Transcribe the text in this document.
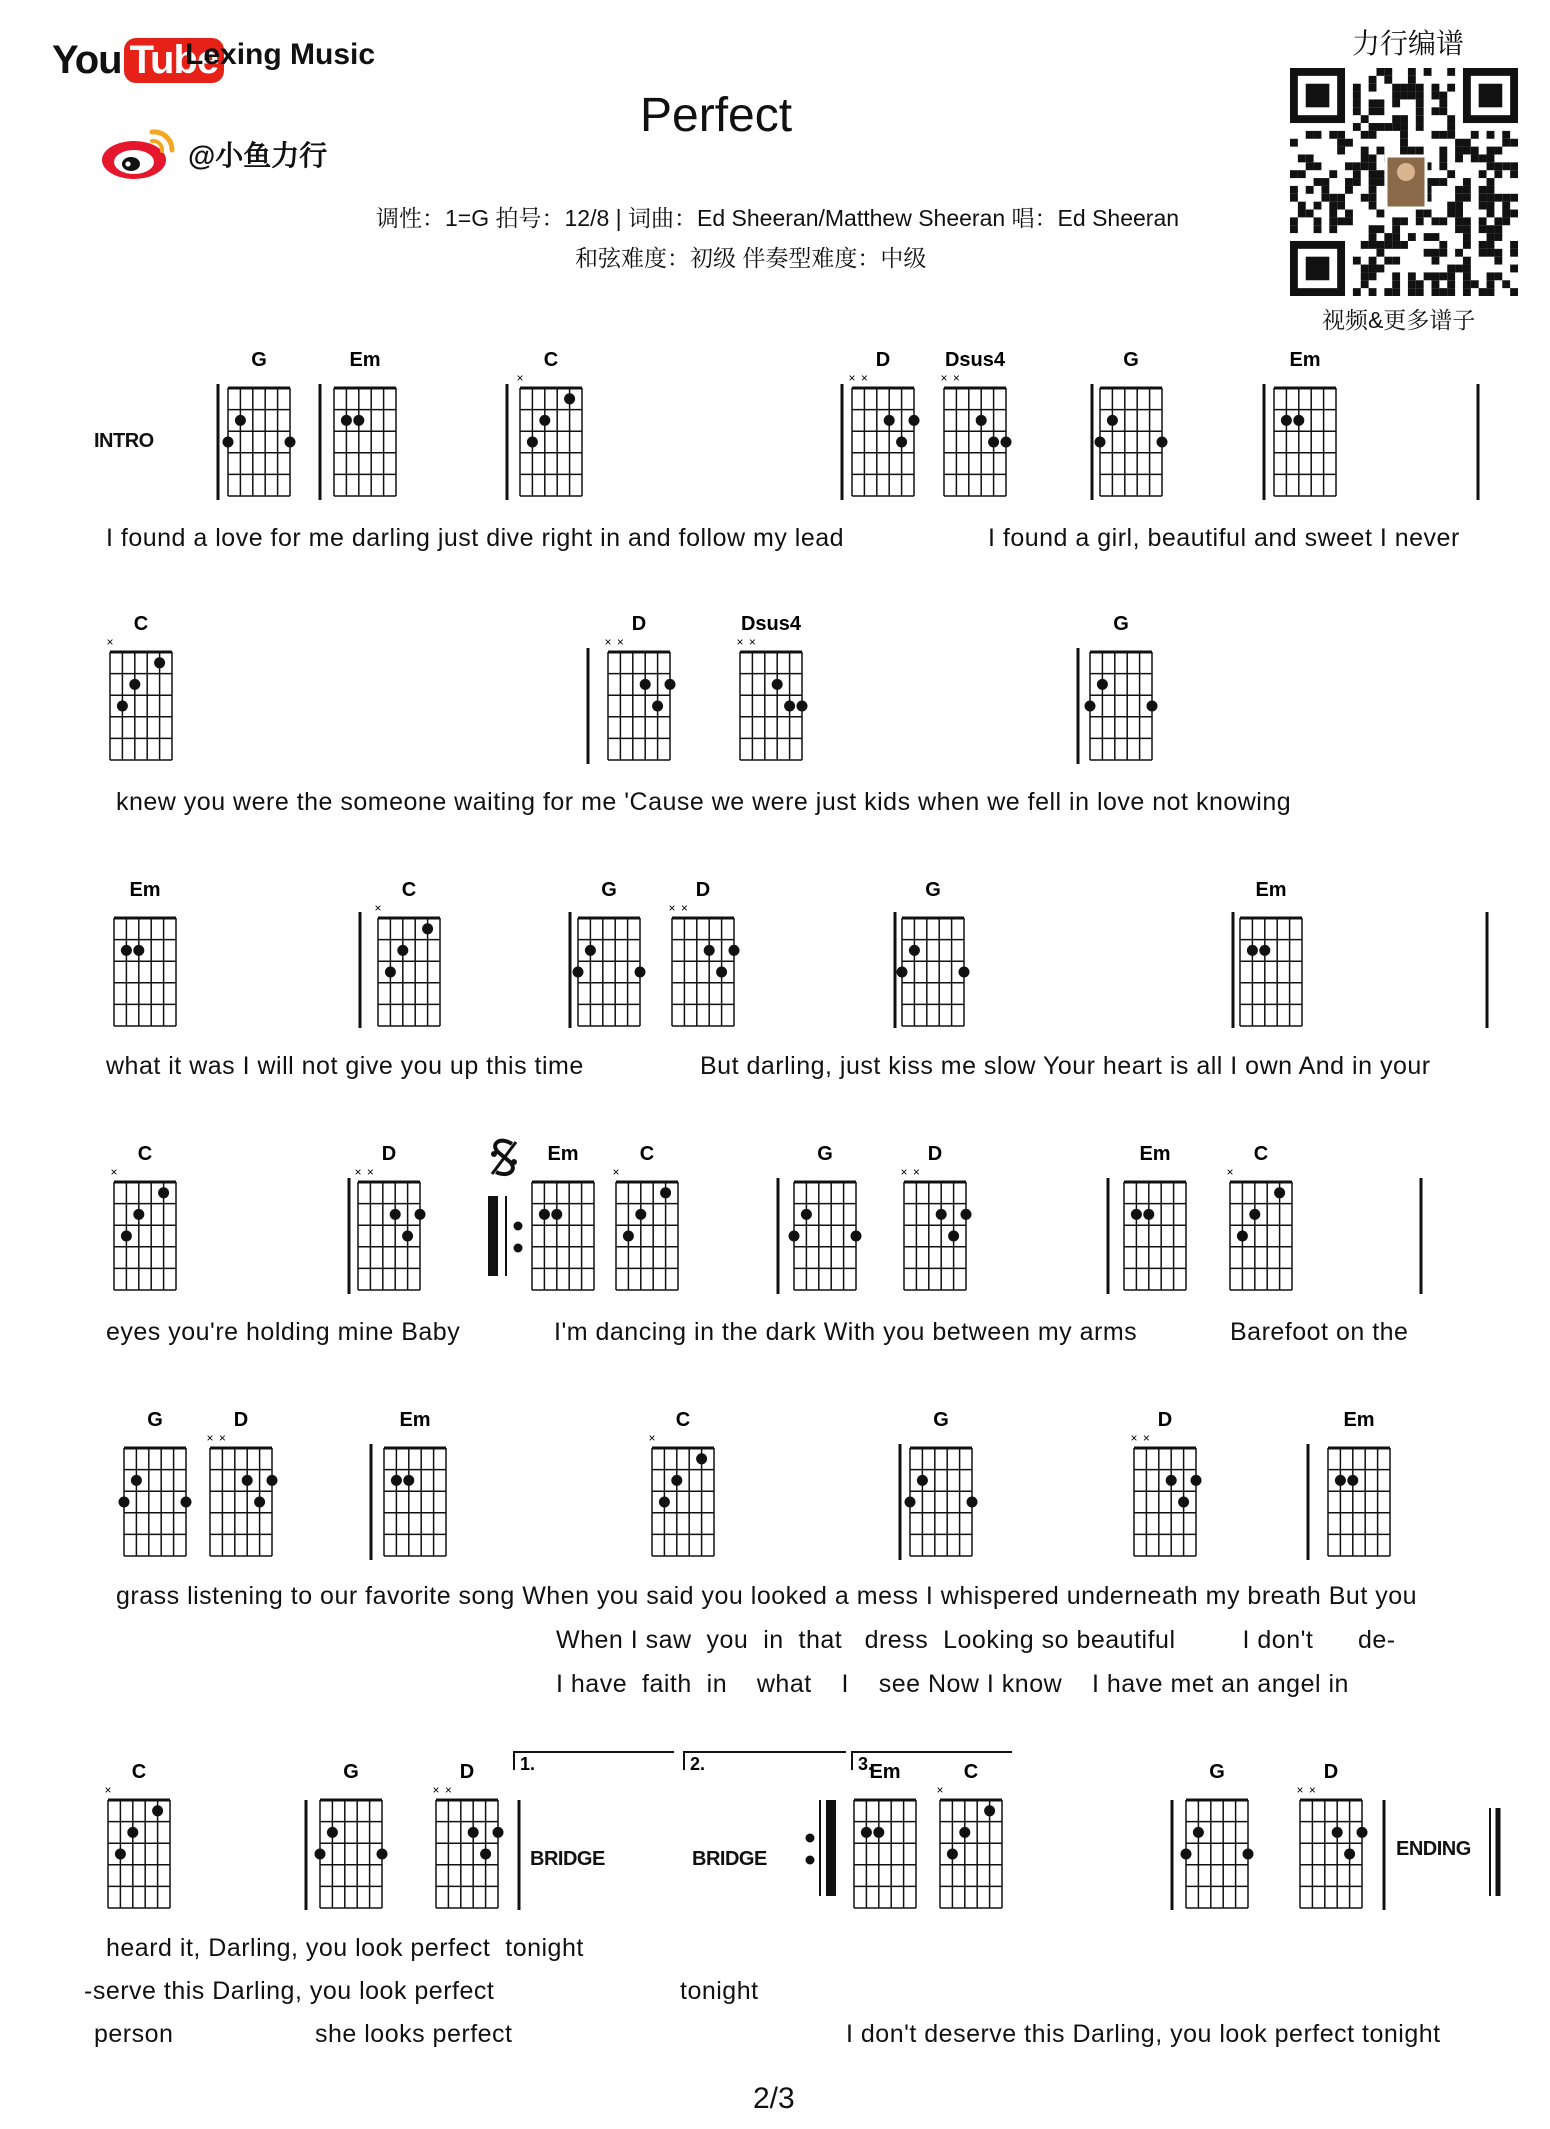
You Tube
Lexing Music
@小鱼力行
Perfect
调性：1=G 拍号：12/8 | 词曲：Ed Sheeran/Matthew Sheeran 唱：Ed Sheeran
和弦难度：初级 伴奏型难度：中级
力行编谱
视频&更多谱子
1.	2.	3.
G	Em	C
×
D
× ×
Dsus4
× ×
G	Em
C
×
D
× ×
Dsus4
× ×
G
Em	C
×
G	D
× ×
G	Em
C
×
D
× ×
Em	C
×
G	D
× ×
Em	C
×
G	D
× ×
Em	C
×
G	D
× ×
Em
C
×
G	D
× ×
Em	C
×
G	D
× ×
INTRO
BRIDGE	BRIDGE	ENDING
I found a love for me darling just dive right in and follow my lead	I found a girl, beautiful and sweet I never
knew you were the someone waiting for me 'Cause we were just kids when we fell in love not knowing
what it was I will not give you up this time	But darling, just kiss me slow Your heart is all I own And in your
eyes you're holding mine Baby	I'm dancing in the dark With you between my arms	Barefoot on the
grass listening to our favorite song When you said you looked a mess I whispered underneath my breath But you
When I saw  you  in  that   dress  Looking so beautiful         I don't      de-
I have  faith  in    what    I    see Now I know    I have met an angel in
heard it, Darling, you look perfect  tonight
-serve this Darling, you look perfect	tonight
person	she looks perfect	I don't deserve this Darling, you look perfect tonight
2/3
